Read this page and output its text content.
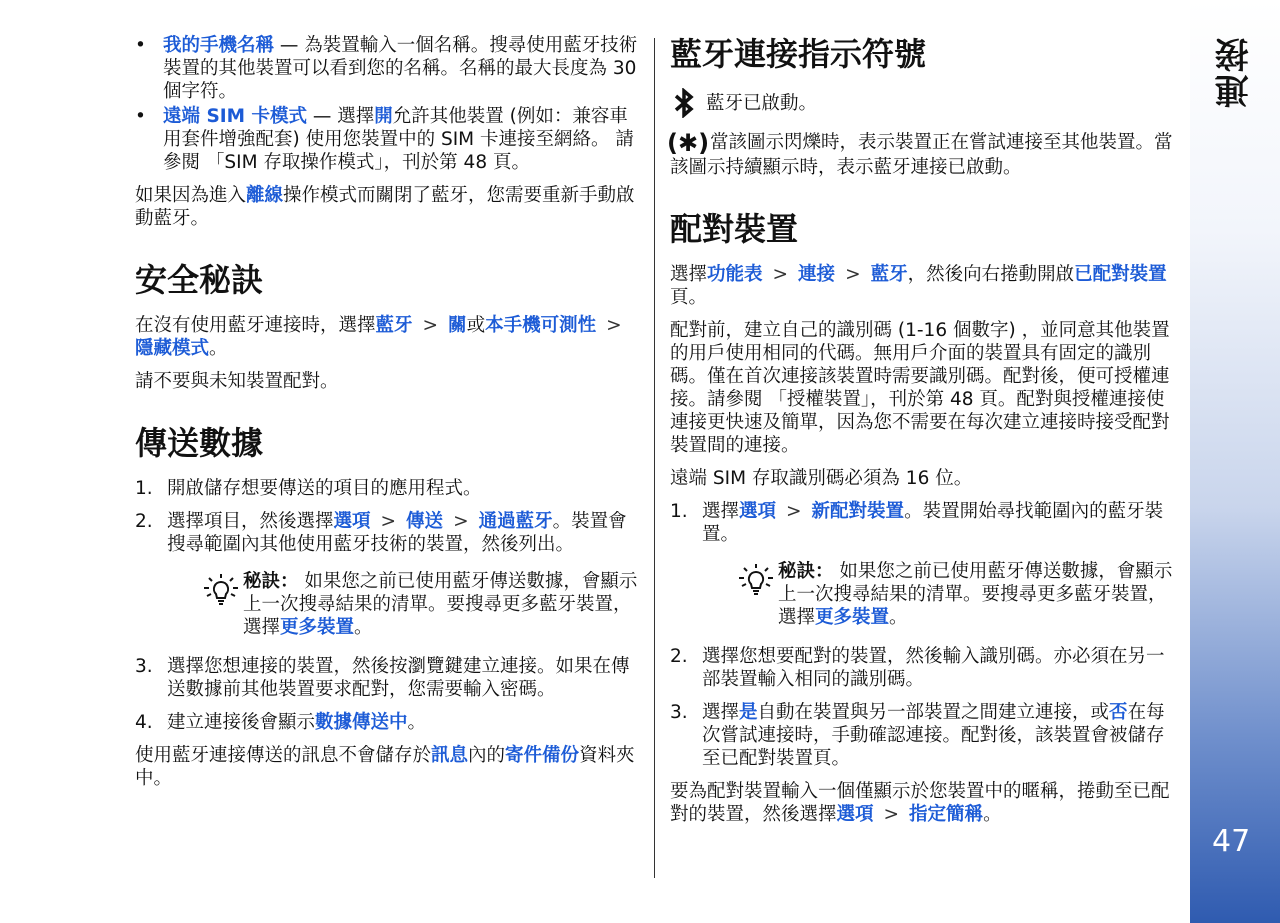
連接
47
• 我的手機名稱 — 為裝置輸入一個名稱。搜尋使用藍牙技術裝置的其他裝置可以看到您的名稱。名稱的最大長度為 30 個字符。
• 遠端 SIM 卡模式 — 選擇開允許其他裝置 (例如：兼容車用套件增強配套) 使用您裝置中的 SIM 卡連接至網絡。 請參閱 「SIM 存取操作模式」，刊於第 48 頁。

如果因為進入離線操作模式而關閉了藍牙，您需要重新手動啟動藍牙。

安全秘訣

在沒有使用藍牙連接時，選擇藍牙 > 關或本手機可測性 >隱藏模式。

請不要與未知裝置配對。

傳送數據
1. 開啟儲存想要傳送的項目的應用程式。
2. 選擇項目，然後選擇選項 > 傳送 > 通過藍牙。裝置會搜尋範圍內其他使用藍牙技術的裝置，然後列出。
秘訣： 如果您之前已使用藍牙傳送數據，會顯示上一次搜尋結果的清單。要搜尋更多藍牙裝置，選擇更多裝置。
3. 選擇您想連接的裝置，然後按瀏覽鍵建立連接。如果在傳送數據前其他裝置要求配對，您需要輸入密碼。
4. 建立連接後會顯示數據傳送中。

使用藍牙連接傳送的訊息不會儲存於訊息內的寄件備份資料夾中。

藍牙連接指示符號
藍牙已啟動。

(✱)當該圖示閃爍時，表示裝置正在嘗試連接至其他裝置。當該圖示持續顯示時，表示藍牙連接已啟動。

配對裝置

選擇功能表 > 連接 > 藍牙，然後向右捲動開啟已配對裝置頁。

配對前，建立自己的識別碼 (1-16 個數字) ，並同意其他裝置的用戶使用相同的代碼。無用戶介面的裝置具有固定的識別碼。僅在首次連接該裝置時需要識別碼。配對後，便可授權連接。請參閱 「授權裝置」，刊於第 48 頁。配對與授權連接使連接更快速及簡單，因為您不需要在每次建立連接時接受配對裝置間的連接。

遠端 SIM 存取識別碼必須為 16 位。

1. 選擇選項 > 新配對裝置。裝置開始尋找範圍內的藍牙裝置。
秘訣： 如果您之前已使用藍牙傳送數據，會顯示上一次搜尋結果的清單。要搜尋更多藍牙裝置，選擇更多裝置。
2. 選擇您想要配對的裝置，然後輸入識別碼。亦必須在另一部裝置輸入相同的識別碼。
3. 選擇是自動在裝置與另一部裝置之間建立連接，或否在每次嘗試連接時，手動確認連接。配對後，該裝置會被儲存至已配對裝置頁。

要為配對裝置輸入一個僅顯示於您裝置中的暱稱，捲動至已配對的裝置，然後選擇選項 > 指定簡稱。
